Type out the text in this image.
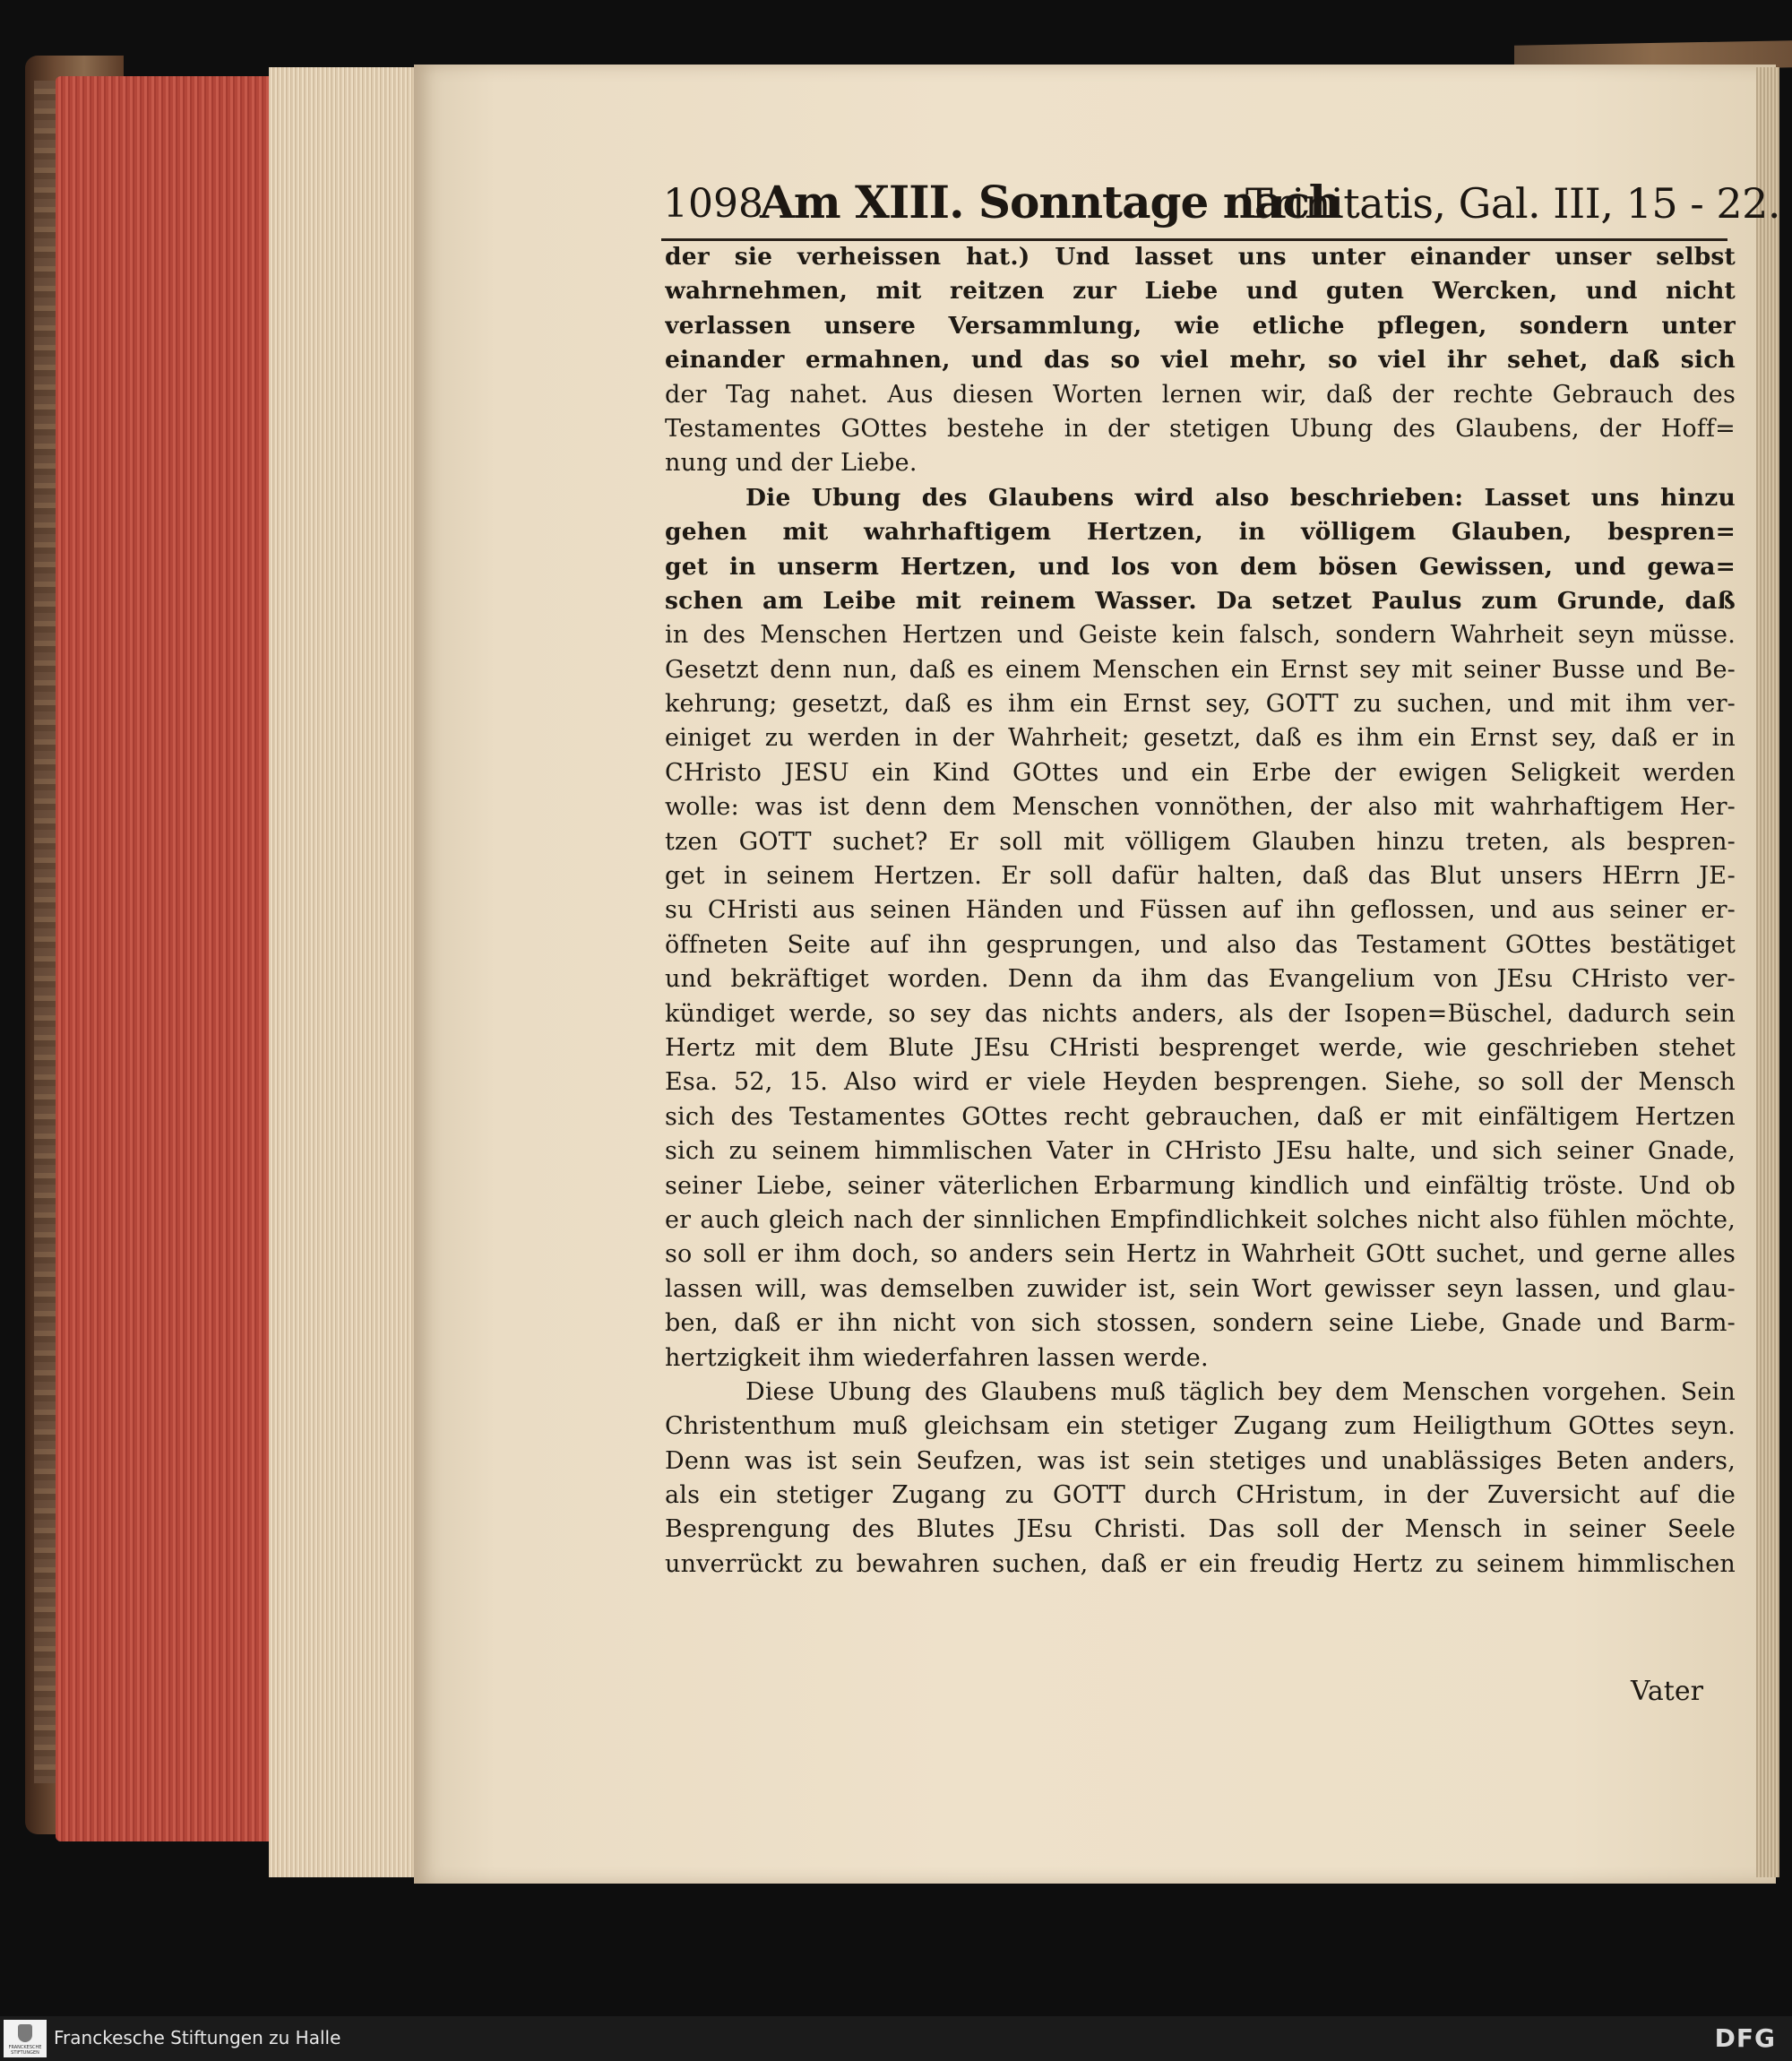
1098
Am XIII. Sonntage nach
Trinitatis, Gal. III, 15 - 22.
der sie verheissen hat.) Und lasset uns unter einander unser selbst
wahrnehmen, mit reitzen zur Liebe und guten Wercken, und nicht
verlassen unsere Versammlung, wie etliche pflegen, sondern unter
einander ermahnen, und das so viel mehr, so viel ihr sehet, daß sich
der Tag nahet. Aus diesen Worten lernen wir, daß der rechte Gebrauch des
Testamentes GOttes bestehe in der stetigen Ubung des Glaubens, der Hoff=
nung und der Liebe.
Die Ubung des Glaubens wird also beschrieben: Lasset uns hinzu
gehen mit wahrhaftigem Hertzen, in völligem Glauben, bespren=
get in unserm Hertzen, und los von dem bösen Gewissen, und gewa=
schen am Leibe mit reinem Wasser. Da setzet Paulus zum Grunde, daß
in des Menschen Hertzen und Geiste kein falsch, sondern Wahrheit seyn müsse.
Gesetzt denn nun, daß es einem Menschen ein Ernst sey mit seiner Busse und Be-
kehrung; gesetzt, daß es ihm ein Ernst sey, GOTT zu suchen, und mit ihm ver-
einiget zu werden in der Wahrheit; gesetzt, daß es ihm ein Ernst sey, daß er in
CHristo JESU ein Kind GOttes und ein Erbe der ewigen Seligkeit werden
wolle: was ist denn dem Menschen vonnöthen, der also mit wahrhaftigem Her-
tzen GOTT suchet? Er soll mit völligem Glauben hinzu treten, als bespren-
get in seinem Hertzen. Er soll dafür halten, daß das Blut unsers HErrn JE-
su CHristi aus seinen Händen und Füssen auf ihn geflossen, und aus seiner er-
öffneten Seite auf ihn gesprungen, und also das Testament GOttes bestätiget
und bekräftiget worden. Denn da ihm das Evangelium von JEsu CHristo ver-
kündiget werde, so sey das nichts anders, als der Isopen=Büschel, dadurch sein
Hertz mit dem Blute JEsu CHristi besprenget werde, wie geschrieben stehet
Esa. 52, 15. Also wird er viele Heyden besprengen. Siehe, so soll der Mensch
sich des Testamentes GOttes recht gebrauchen, daß er mit einfältigem Hertzen
sich zu seinem himmlischen Vater in CHristo JEsu halte, und sich seiner Gnade,
seiner Liebe, seiner väterlichen Erbarmung kindlich und einfältig tröste. Und ob
er auch gleich nach der sinnlichen Empfindlichkeit solches nicht also fühlen möchte,
so soll er ihm doch, so anders sein Hertz in Wahrheit GOtt suchet, und gerne alles
lassen will, was demselben zuwider ist, sein Wort gewisser seyn lassen, und glau-
ben, daß er ihn nicht von sich stossen, sondern seine Liebe, Gnade und Barm-
hertzigkeit ihm wiederfahren lassen werde.
Diese Ubung des Glaubens muß täglich bey dem Menschen vorgehen. Sein
Christenthum muß gleichsam ein stetiger Zugang zum Heiligthum GOttes seyn.
Denn was ist sein Seufzen, was ist sein stetiges und unablässiges Beten anders,
als ein stetiger Zugang zu GOTT durch CHristum, in der Zuversicht auf die
Besprengung des Blutes JEsu Christi. Das soll der Mensch in seiner Seele
unverrückt zu bewahren suchen, daß er ein freudig Hertz zu seinem himmlischen
Vater
FRANCKESCHE STIFTUNGEN
Franckesche Stiftungen zu Halle	DFG
